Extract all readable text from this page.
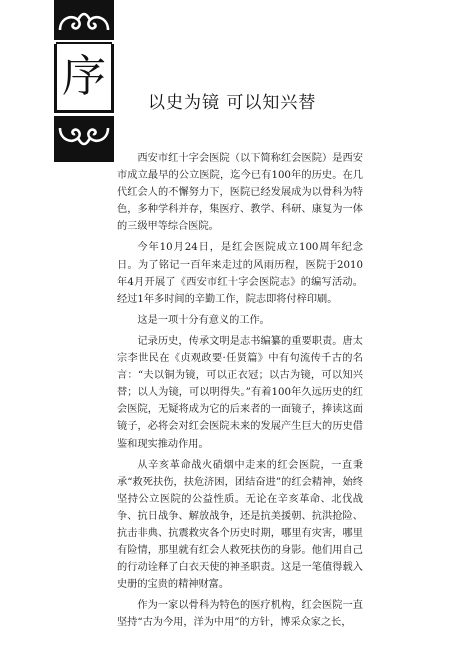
序
以史为镜 可以知兴替

西安市红十字会医院（以下简称红会医院）是西安市成立最早的公立医院，迄今已有100年的历史。在几代红会人的不懈努力下，医院已经发展成为以骨科为特色，多种学科并存，集医疗、教学、科研、康复为一体的三级甲等综合医院。

今年10月24日，是红会医院成立100周年纪念日。为了铭记一百年来走过的风雨历程，医院于2010年4月开展了《西安市红十字会医院志》的编写活动。经过1年多时间的辛勤工作，院志即将付梓印刷。

这是一项十分有意义的工作。

记录历史，传承文明是志书编纂的重要职责。唐太宗李世民在《贞观政要·任贤篇》中有句流传千古的名言：“夫以铜为镜，可以正衣冠；以古为镜，可以知兴替；以人为镜，可以明得失。”有着100年久远历史的红会医院，无疑将成为它的后来者的一面镜子，捧读这面镜子，必将会对红会医院未来的发展产生巨大的历史借鉴和现实推动作用。

从辛亥革命战火硝烟中走来的红会医院，一直秉承“救死扶伤，扶危济困，团结奋进”的红会精神，始终坚持公立医院的公益性质。无论在辛亥革命、北伐战争、抗日战争、解放战争，还是抗美援朝、抗洪抢险、抗击非典、抗震救灾各个历史时期，哪里有灾害，哪里有险情，那里就有红会人救死扶伤的身影。他们用自己的行动诠释了白衣天使的神圣职责。这是一笔值得载入史册的宝贵的精神财富。

作为一家以骨科为特色的医疗机构，红会医院一直坚持“古为今用，洋为中用”的方针，博采众家之长，
